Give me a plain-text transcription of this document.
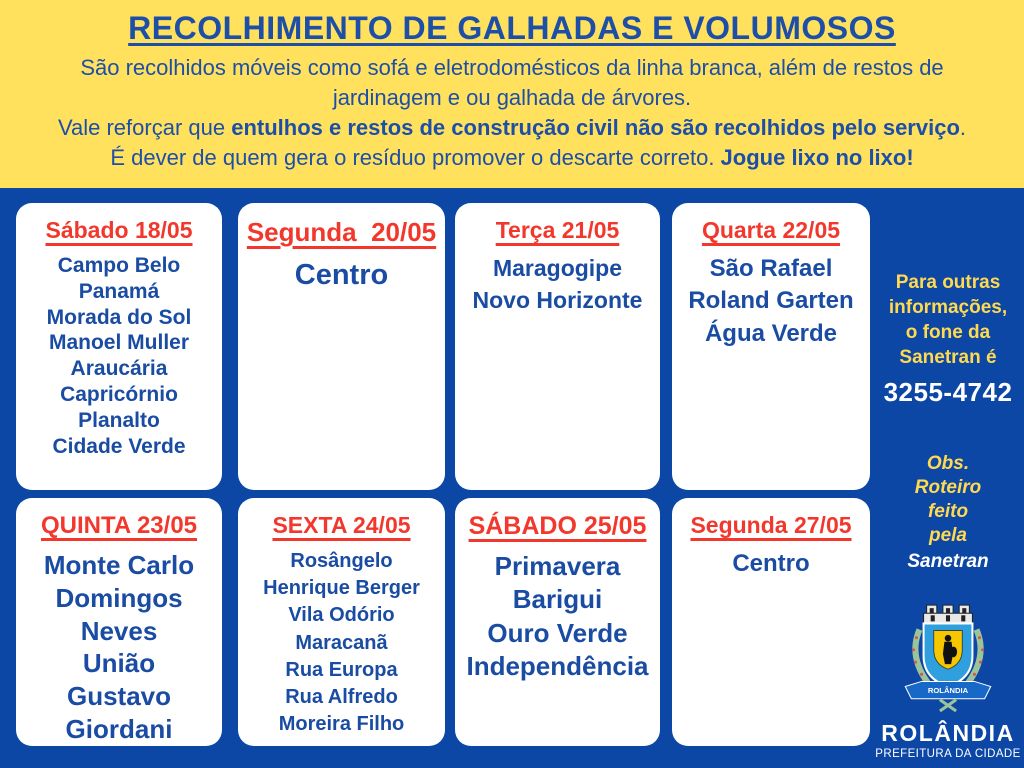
RECOLHIMENTO DE GALHADAS E VOLUMOSOS

São recolhidos móveis como sofá e eletrodomésticos da linha branca, além de restos de

jardinagem e ou galhada de árvores.

Vale reforçar que entulhos e restos de construção civil não são recolhidos pelo serviço.

É dever de quem gera o resíduo promover o descarte correto. Jogue lixo no lixo!

Sábado 18/05
Campo Belo
Panamá
Morada do Sol
Manoel Muller
Araucária
Capricórnio
Planalto
Cidade Verde
Segunda  20/05
Centro
Terça 21/05
Maragogipe
Novo Horizonte
Quarta 22/05
São Rafael
Roland Garten
Água Verde
QUINTA 23/05
Monte Carlo
Domingos Neves
União
Gustavo
Giordani
SEXTA 24/05
Rosângelo
Henrique Berger
Vila Odório
Maracanã
Rua Europa
Rua Alfredo
Moreira Filho
SÁBADO 25/05
Primavera
Barigui
Ouro Verde
Independência
Segunda 27/05
Centro
Para outras
informações,
o fone da
Sanetran é
3255-4742
Obs.
Roteiro
feito
pela
Sanetran
ROLÂNDIA
ROLÂNDIA
PREFEITURA DA CIDADE
